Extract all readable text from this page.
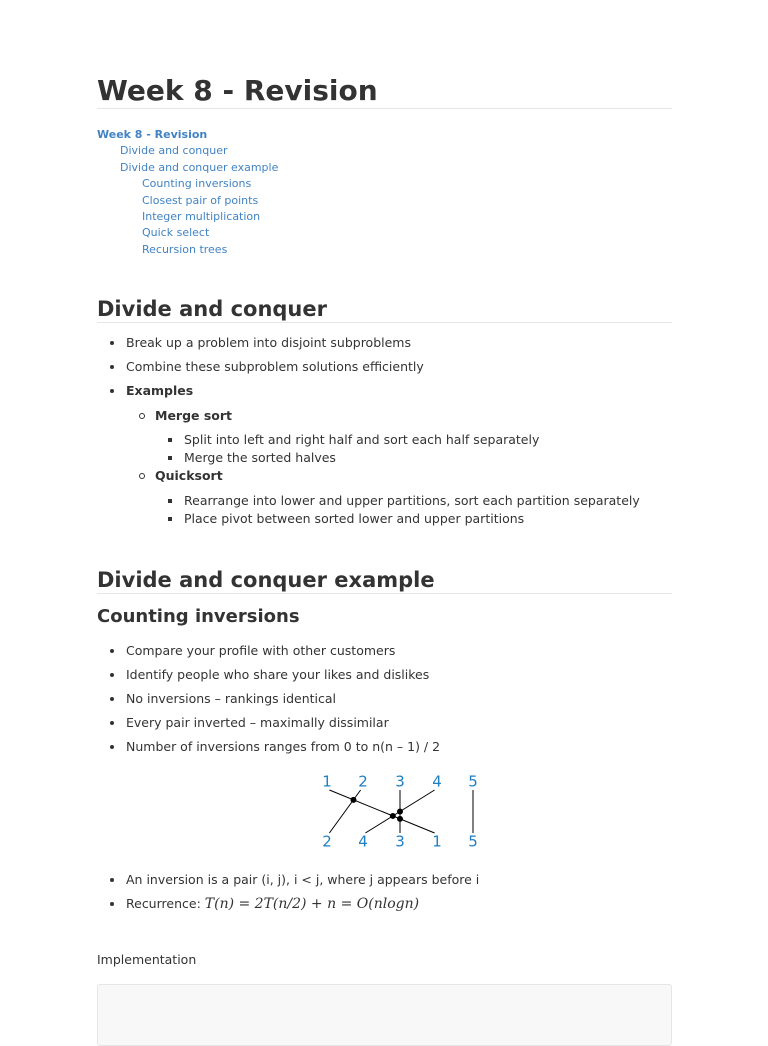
Week 8 - Revision
Week 8 - Revision
Divide and conquer
Divide and conquer example
Counting inversions
Closest pair of points
Integer multiplication
Quick select
Recursion trees
Divide and conquer
Break up a problem into disjoint subproblems
Combine these subproblem solutions efficiently
Examples
Merge sort
Split into left and right half and sort each half separately
Merge the sorted halves
Quicksort
Rearrange into lower and upper partitions, sort each partition separately
Place pivot between sorted lower and upper partitions
Divide and conquer example
Counting inversions
Compare your profile with other customers
Identify people who share your likes and dislikes
No inversions – rankings identical
Every pair inverted – maximally dissimilar
Number of inversions ranges from 0 to n(n – 1) / 2
1 2 3 4 5
2 4 3 1 5
An inversion is a pair (i, j), i < j, where j appears before i
Recurrence: T(n) = 2T(n/2) + n = O(nlogn)
Implementation
